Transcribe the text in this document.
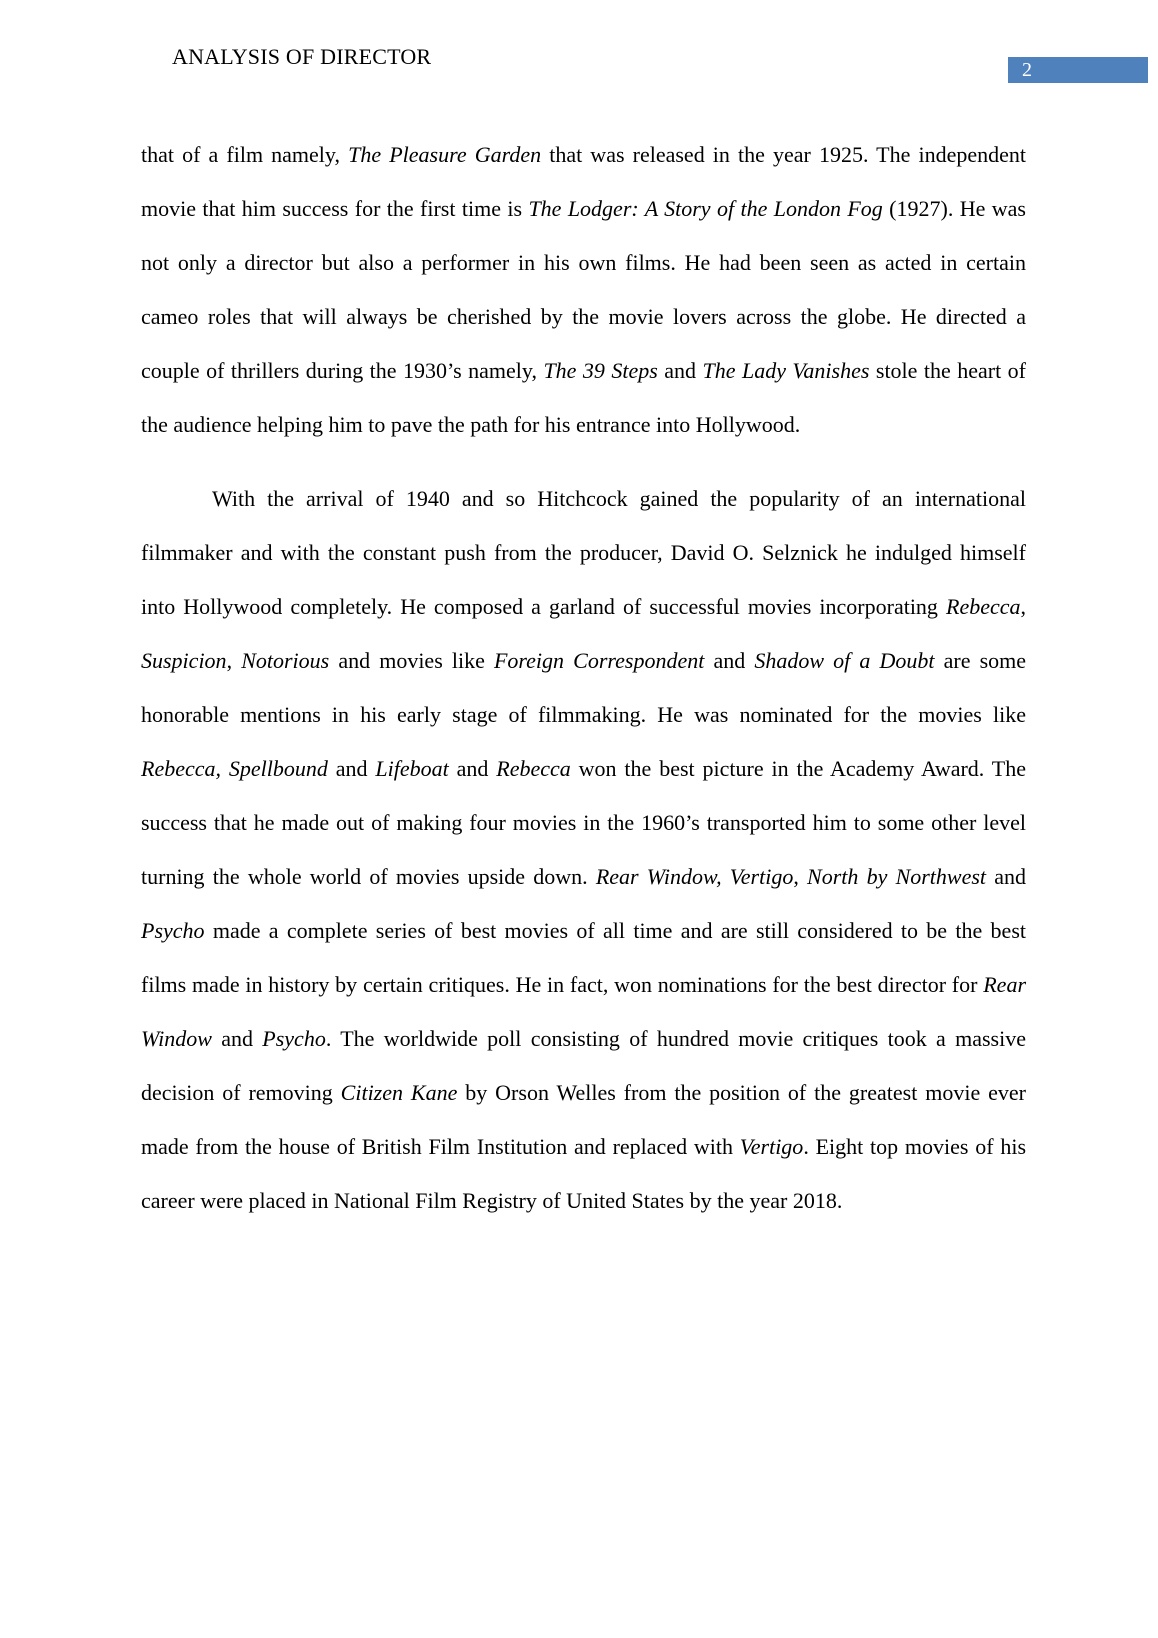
ANALYSIS OF DIRECTOR
2

that of a film namely, The Pleasure Garden that was released in the year 1925. The independent movie that him success for the first time is The Lodger: A Story of the London Fog (1927). He was not only a director but also a performer in his own films. He had been seen as acted in certain cameo roles that will always be cherished by the movie lovers across the globe. He directed a couple of thrillers during the 1930’s namely, The 39 Steps and The Lady Vanishes stole the heart of the audience helping him to pave the path for his entrance into Hollywood.

With the arrival of 1940 and so Hitchcock gained the popularity of an international filmmaker and with the constant push from the producer, David O. Selznick he indulged himself into Hollywood completely. He composed a garland of successful movies incorporating Rebecca, Suspicion, Notorious and movies like Foreign Correspondent and Shadow of a Doubt are some honorable mentions in his early stage of filmmaking. He was nominated for the movies like Rebecca, Spellbound and Lifeboat and Rebecca won the best picture in the Academy Award. The success that he made out of making four movies in the 1960’s transported him to some other level turning the whole world of movies upside down. Rear Window, Vertigo, North by Northwest and Psycho made a complete series of best movies of all time and are still considered to be the best films made in history by certain critiques. He in fact, won nominations for the best director for Rear Window and Psycho. The worldwide poll consisting of hundred movie critiques took a massive decision of removing Citizen Kane by Orson Welles from the position of the greatest movie ever made from the house of British Film Institution and replaced with Vertigo. Eight top movies of his career were placed in National Film Registry of United States by the year 2018.
